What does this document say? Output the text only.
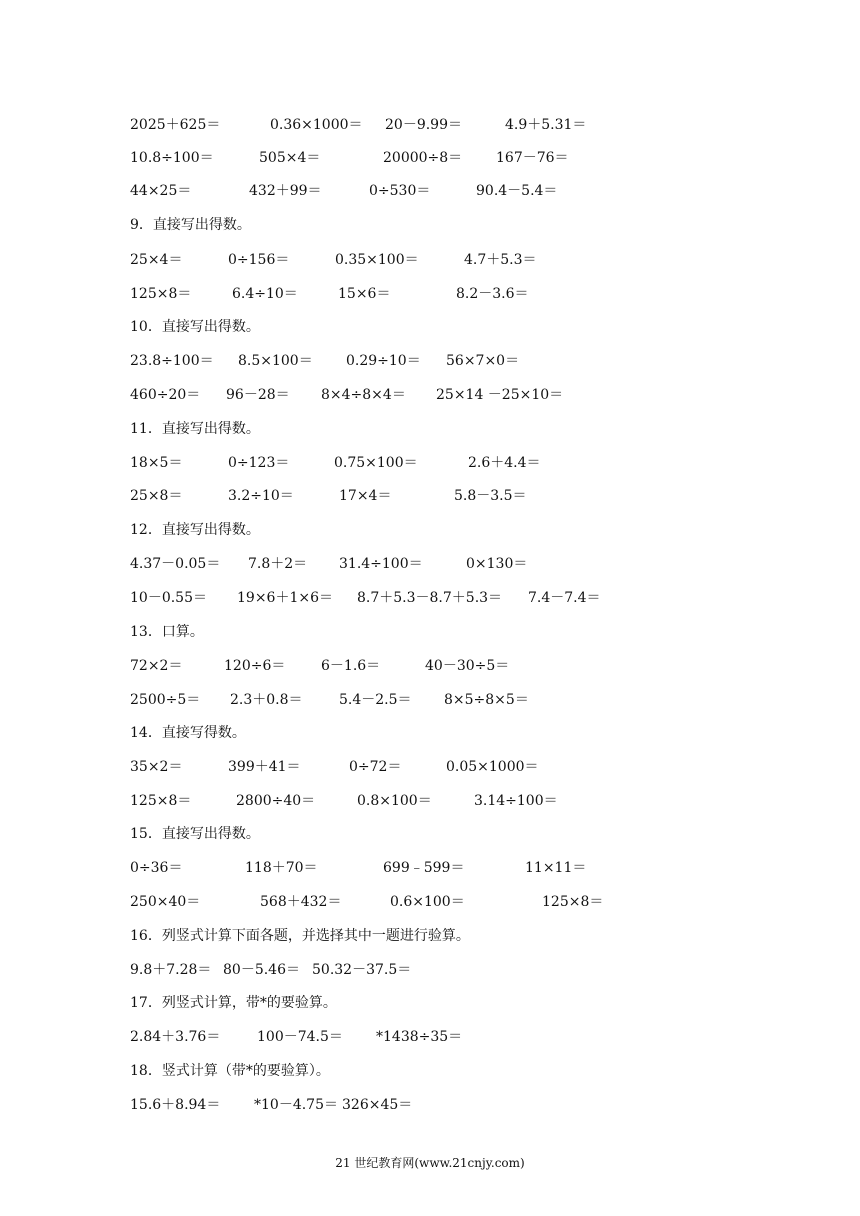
2025＋625＝	0.36×1000＝ 20－9.99＝	4.9＋5.31＝
10.8÷100＝	505×4＝	20000÷8＝ 167－76＝
44×25＝	432＋99＝	0÷530＝	90.4－5.4＝
9．直接写出得数。
25×4＝	0÷156＝	0.35×100＝	4.7＋5.3＝
125×8＝	6.4÷10＝	15×6＝	8.2－3.6＝
10．直接写出得数。
23.8÷100＝ 8.5×100＝ 0.29÷10＝ 56×7×0＝
460÷20＝ 96－28＝ 8×4÷8×4＝ 25×14 －25×10＝
11．直接写出得数。
18×5＝	0÷123＝	0.75×100＝	2.6＋4.4＝
25×8＝	3.2÷10＝	17×4＝	5.8－3.5＝
12．直接写出得数。
4.37－0.05＝ 7.8＋2＝ 31.4÷100＝	0×130＝
10－0.55＝ 19×6＋1×6＝ 8.7＋5.3－8.7＋5.3＝ 7.4－7.4＝
13．口算。
72×2＝	120÷6＝	6－1.6＝	40－30÷5＝
2500÷5＝ 2.3＋0.8＝	5.4－2.5＝ 8×5÷8×5＝
14．直接写得数。
35×2＝	399＋41＝	0÷72＝	0.05×1000＝
125×8＝	2800÷40＝	0.8×100＝	3.14÷100＝
15．直接写出得数。
0÷36＝	118＋70＝	699﹣599＝	11×11＝
250×40＝	568＋432＝	0.6×100＝	125×8＝
16．列竖式计算下面各题，并选择其中一题进行验算。
9.8＋7.28＝ 80－5.46＝ 50.32－37.5＝
17．列竖式计算，带*的要验算。
2.84＋3.76＝	100－74.5＝ *1438÷35＝
18．竖式计算（带*的要验算）。
15.6＋8.94＝ *10－4.75＝ 326×45＝
21 世纪教育网(www.21cnjy.com)
